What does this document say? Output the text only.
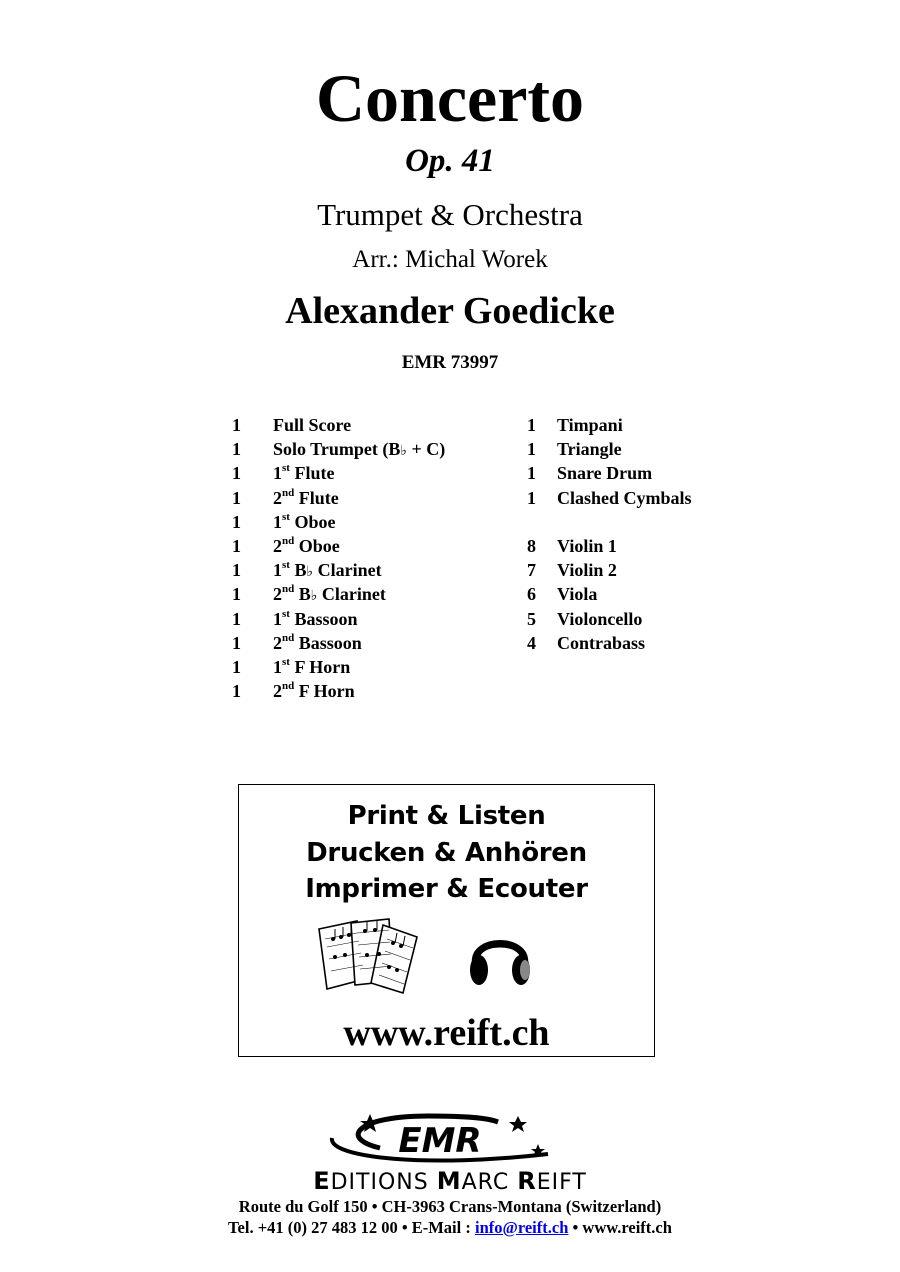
Concerto
Op. 41
Trumpet & Orchestra
Arr.: Michal Worek
Alexander Goedicke
EMR 73997
1 Full Score
1 Solo Trumpet (B♭ + C)
1 1st Flute
1 2nd Flute
1 1st Oboe
1 2nd Oboe
1 1st B♭ Clarinet
1 2nd B♭ Clarinet
1 1st Bassoon
1 2nd Bassoon
1 1st F Horn
1 2nd F Horn
1 Timpani
1 Triangle
1 Snare Drum
1 Clashed Cymbals
8 Violin 1
7 Violin 2
6 Viola
5 Violoncello
4 Contrabass
Print & Listen
Drucken & Anhören
Imprimer & Ecouter
www.reift.ch
EMR
EDITIONS MARC REIFT
Route du Golf 150 • CH-3963 Crans-Montana (Switzerland)
Tel. +41 (0) 27 483 12 00 • E-Mail : info@reift.ch • www.reift.ch
